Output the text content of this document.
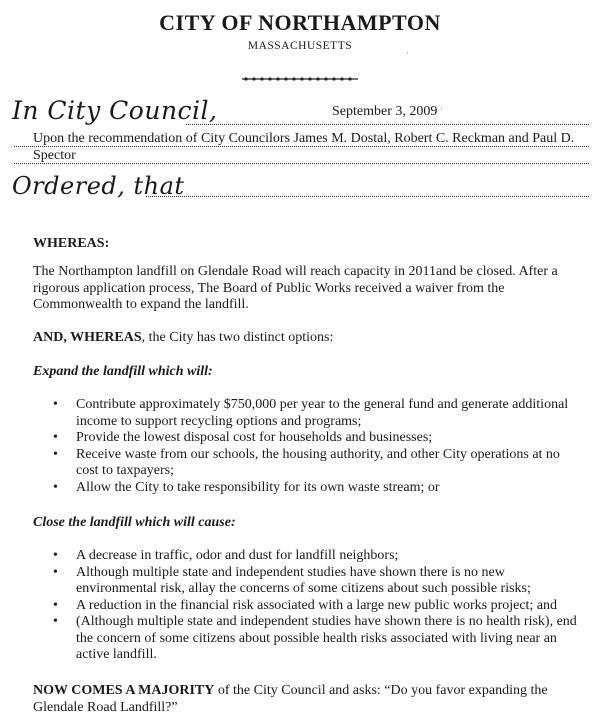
CITY OF NORTHAMPTON
MASSACHUSETTS
·
·
In City Council,	September 3, 2009
Upon the recommendation of City Councilors James M. Dostal, Robert C. Reckman and Paul D. Spector
Ordered, that
WHEREAS:
The Northampton landfill on Glendale Road will reach capacity in 2011and be closed. After a rigorous application process, The Board of Public Works received a waiver from the Commonwealth to expand the landfill.
AND, WHEREAS, the City has two distinct options:
Expand the landfill which will:
• Contribute approximately $750,000 per year to the general fund and generate additional income to support recycling options and programs;
• Provide the lowest disposal cost for households and businesses;
• Receive waste from our schools, the housing authority, and other City operations at no cost to taxpayers;
• Allow the City to take responsibility for its own waste stream; or
Close the landfill which will cause:
• A decrease in traffic, odor and dust for landfill neighbors;
• Although multiple state and independent studies have shown there is no new environmental risk, allay the concerns of some citizens about such possible risks;
• A reduction in the financial risk associated with a large new public works project; and
• (Although multiple state and independent studies have shown there is no health risk), end the concern of some citizens about possible health risks associated with living near an active landfill.
NOW COMES A MAJORITY of the City Council and asks: “Do you favor expanding the Glendale Road Landfill?”
